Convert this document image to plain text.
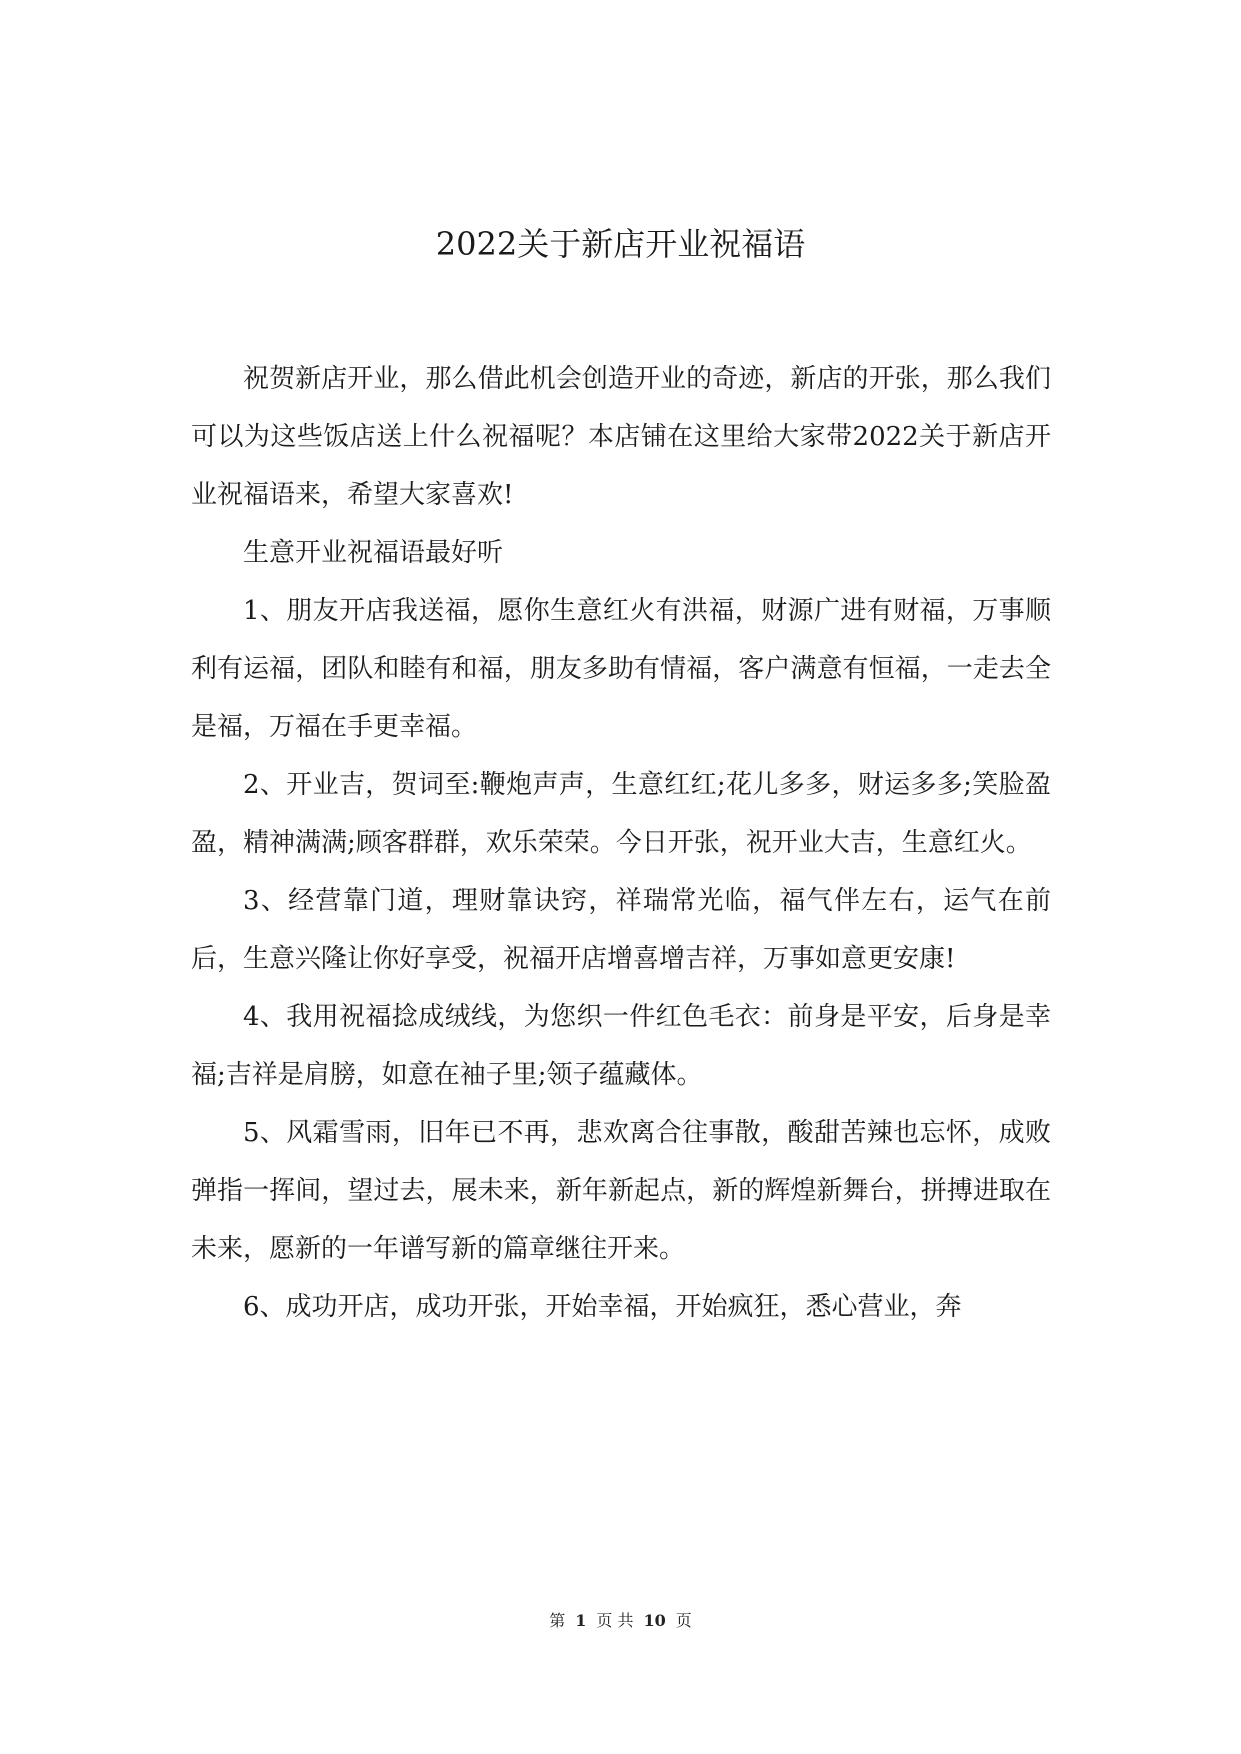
2022关于新店开业祝福语

祝贺新店开业，那么借此机会创造开业的奇迹，新店的开张，那么我们可以为这些饭店送上什么祝福呢？本店铺在这里给大家带2022关于新店开业祝福语来，希望大家喜欢!

生意开业祝福语最好听

1、朋友开店我送福，愿你生意红火有洪福，财源广进有财福，万事顺利有运福，团队和睦有和福，朋友多助有情福，客户满意有恒福，一走去全是福，万福在手更幸福。

2、开业吉，贺词至:鞭炮声声，生意红红;花儿多多，财运多多;笑脸盈盈，精神满满;顾客群群，欢乐荣荣。今日开张，祝开业大吉，生意红火。

3、经营靠门道，理财靠诀窍，祥瑞常光临，福气伴左右，运气在前后，生意兴隆让你好享受，祝福开店增喜增吉祥，万事如意更安康!

4、我用祝福捻成绒线，为您织一件红色毛衣：前身是平安，后身是幸福;吉祥是肩膀，如意在袖子里;领子蕴藏体。

5、风霜雪雨，旧年已不再，悲欢离合往事散，酸甜苦辣也忘怀，成败弹指一挥间，望过去，展未来，新年新起点，新的辉煌新舞台，拼搏进取在未来，愿新的一年谱写新的篇章继往开来。

6、成功开店，成功开张，开始幸福，开始疯狂，悉心营业，奔

第 1 页 共 10 页
